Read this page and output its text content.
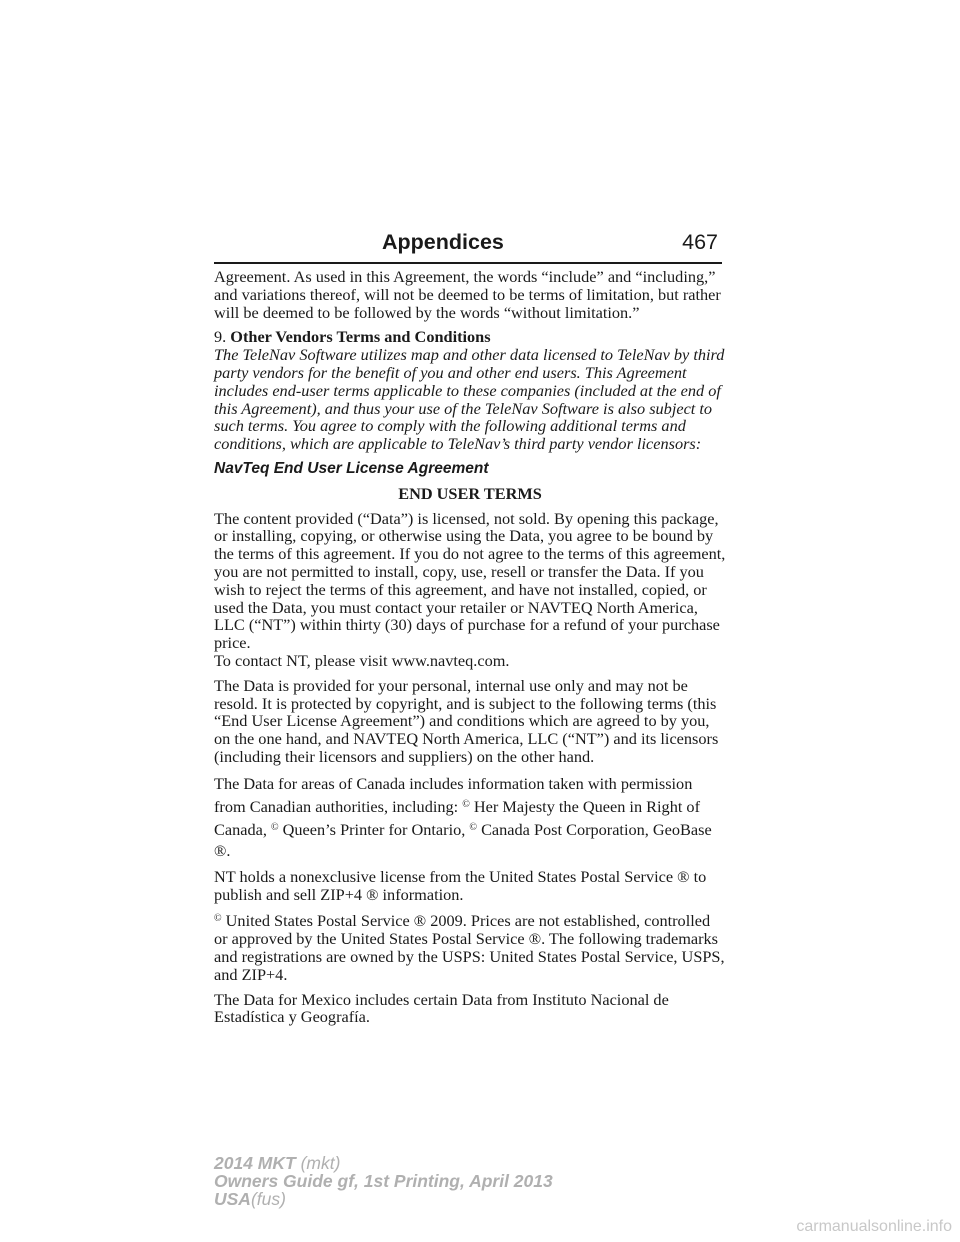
Appendices	467

Agreement. As used in this Agreement, the words “include” and “including,” and variations thereof, will not be deemed to be terms of limitation, but rather will be deemed to be followed by the words “without limitation.”

9. Other Vendors Terms and Conditions

The TeleNav Software utilizes map and other data licensed to TeleNav by third party vendors for the benefit of you and other end users. This Agreement includes end-user terms applicable to these companies (included at the end of this Agreement), and thus your use of the TeleNav Software is also subject to such terms. You agree to comply with the following additional terms and conditions, which are applicable to TeleNav’s third party vendor licensors:

NavTeq End User License Agreement

END USER TERMS

The content provided (“Data”) is licensed, not sold. By opening this package, or installing, copying, or otherwise using the Data, you agree to be bound by the terms of this agreement. If you do not agree to the terms of this agreement, you are not permitted to install, copy, use, resell or transfer the Data. If you wish to reject the terms of this agreement, and have not installed, copied, or used the Data, you must contact your retailer or NAVTEQ North America, LLC (“NT”) within thirty (30) days of purchase for a refund of your purchase price.

To contact NT, please visit www.navteq.com.

The Data is provided for your personal, internal use only and may not be resold. It is protected by copyright, and is subject to the following terms (this “End User License Agreement”) and conditions which are agreed to by you, on the one hand, and NAVTEQ North America, LLC (“NT”) and its licensors (including their licensors and suppliers) on the other hand.

The Data for areas of Canada includes information taken with permission from Canadian authorities, including: © Her Majesty the Queen in Right of Canada, © Queen’s Printer for Ontario, © Canada Post Corporation, GeoBase ®.

NT holds a nonexclusive license from the United States Postal Service ® to publish and sell ZIP+4 ® information.

© United States Postal Service ® 2009. Prices are not established, controlled or approved by the United States Postal Service ®. The following trademarks and registrations are owned by the USPS: United States Postal Service, USPS, and ZIP+4.

The Data for Mexico includes certain Data from Instituto Nacional de Estadística y Geografía.

2014 MKT (mkt)
Owners Guide gf, 1st Printing, April 2013
USA(fus)
carmanualsonline.info
